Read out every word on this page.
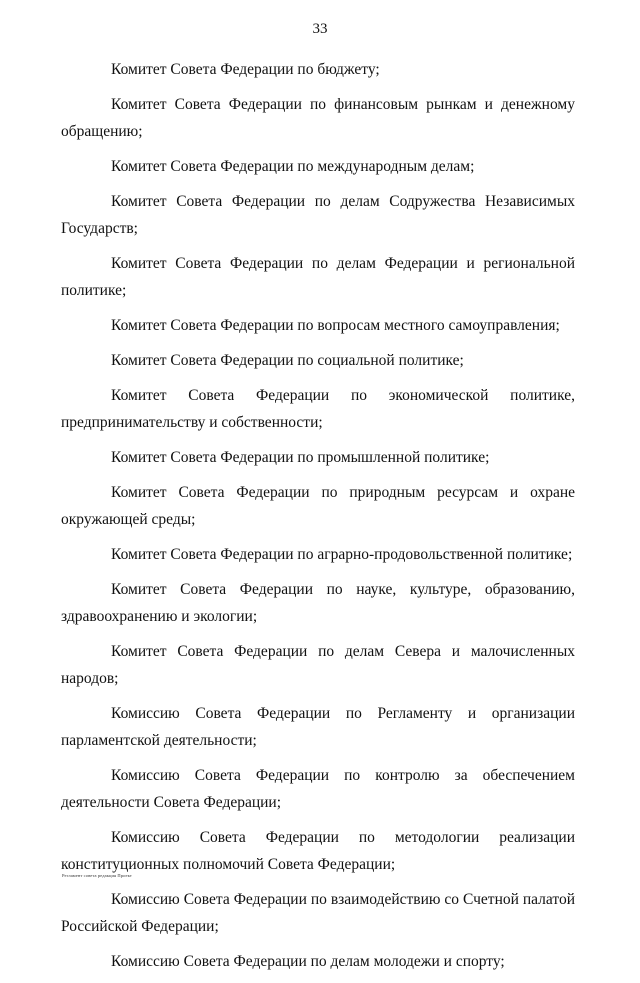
33

Комитет Совета Федерации по бюджету;

Комитет Совета Федерации по финансовым рынкам и денежному обращению;

Комитет Совета Федерации по международным делам;

Комитет Совета Федерации по делам Содружества Независимых Государств;

Комитет Совета Федерации по делам Федерации и региональной политике;

Комитет Совета Федерации по вопросам местного самоуправления;

Комитет Совета Федерации по социальной политике;

Комитет Совета Федерации по экономической политике, предпринимательству и собственности;

Комитет Совета Федерации по промышленной политике;

Комитет Совета Федерации по природным ресурсам и охране окружающей среды;

Комитет Совета Федерации по аграрно-продовольственной политике;

Комитет Совета Федерации по науке, культуре, образованию, здравоохранению и экологии;

Комитет Совета Федерации по делам Севера и малочисленных народов;

Комиссию Совета Федерации по Регламенту и организации парламентской деятельности;

Комиссию Совета Федерации по контролю за обеспечением деятельности Совета Федерации;

Комиссию Совета Федерации по методологии реализации конституционных полномочий Совета Федерации;

Комиссию Совета Федерации по взаимодействию со Счетной палатой Российской Федерации;

Комиссию Совета Федерации по делам молодежи и спорту;

Регламент совета редакция Проект
